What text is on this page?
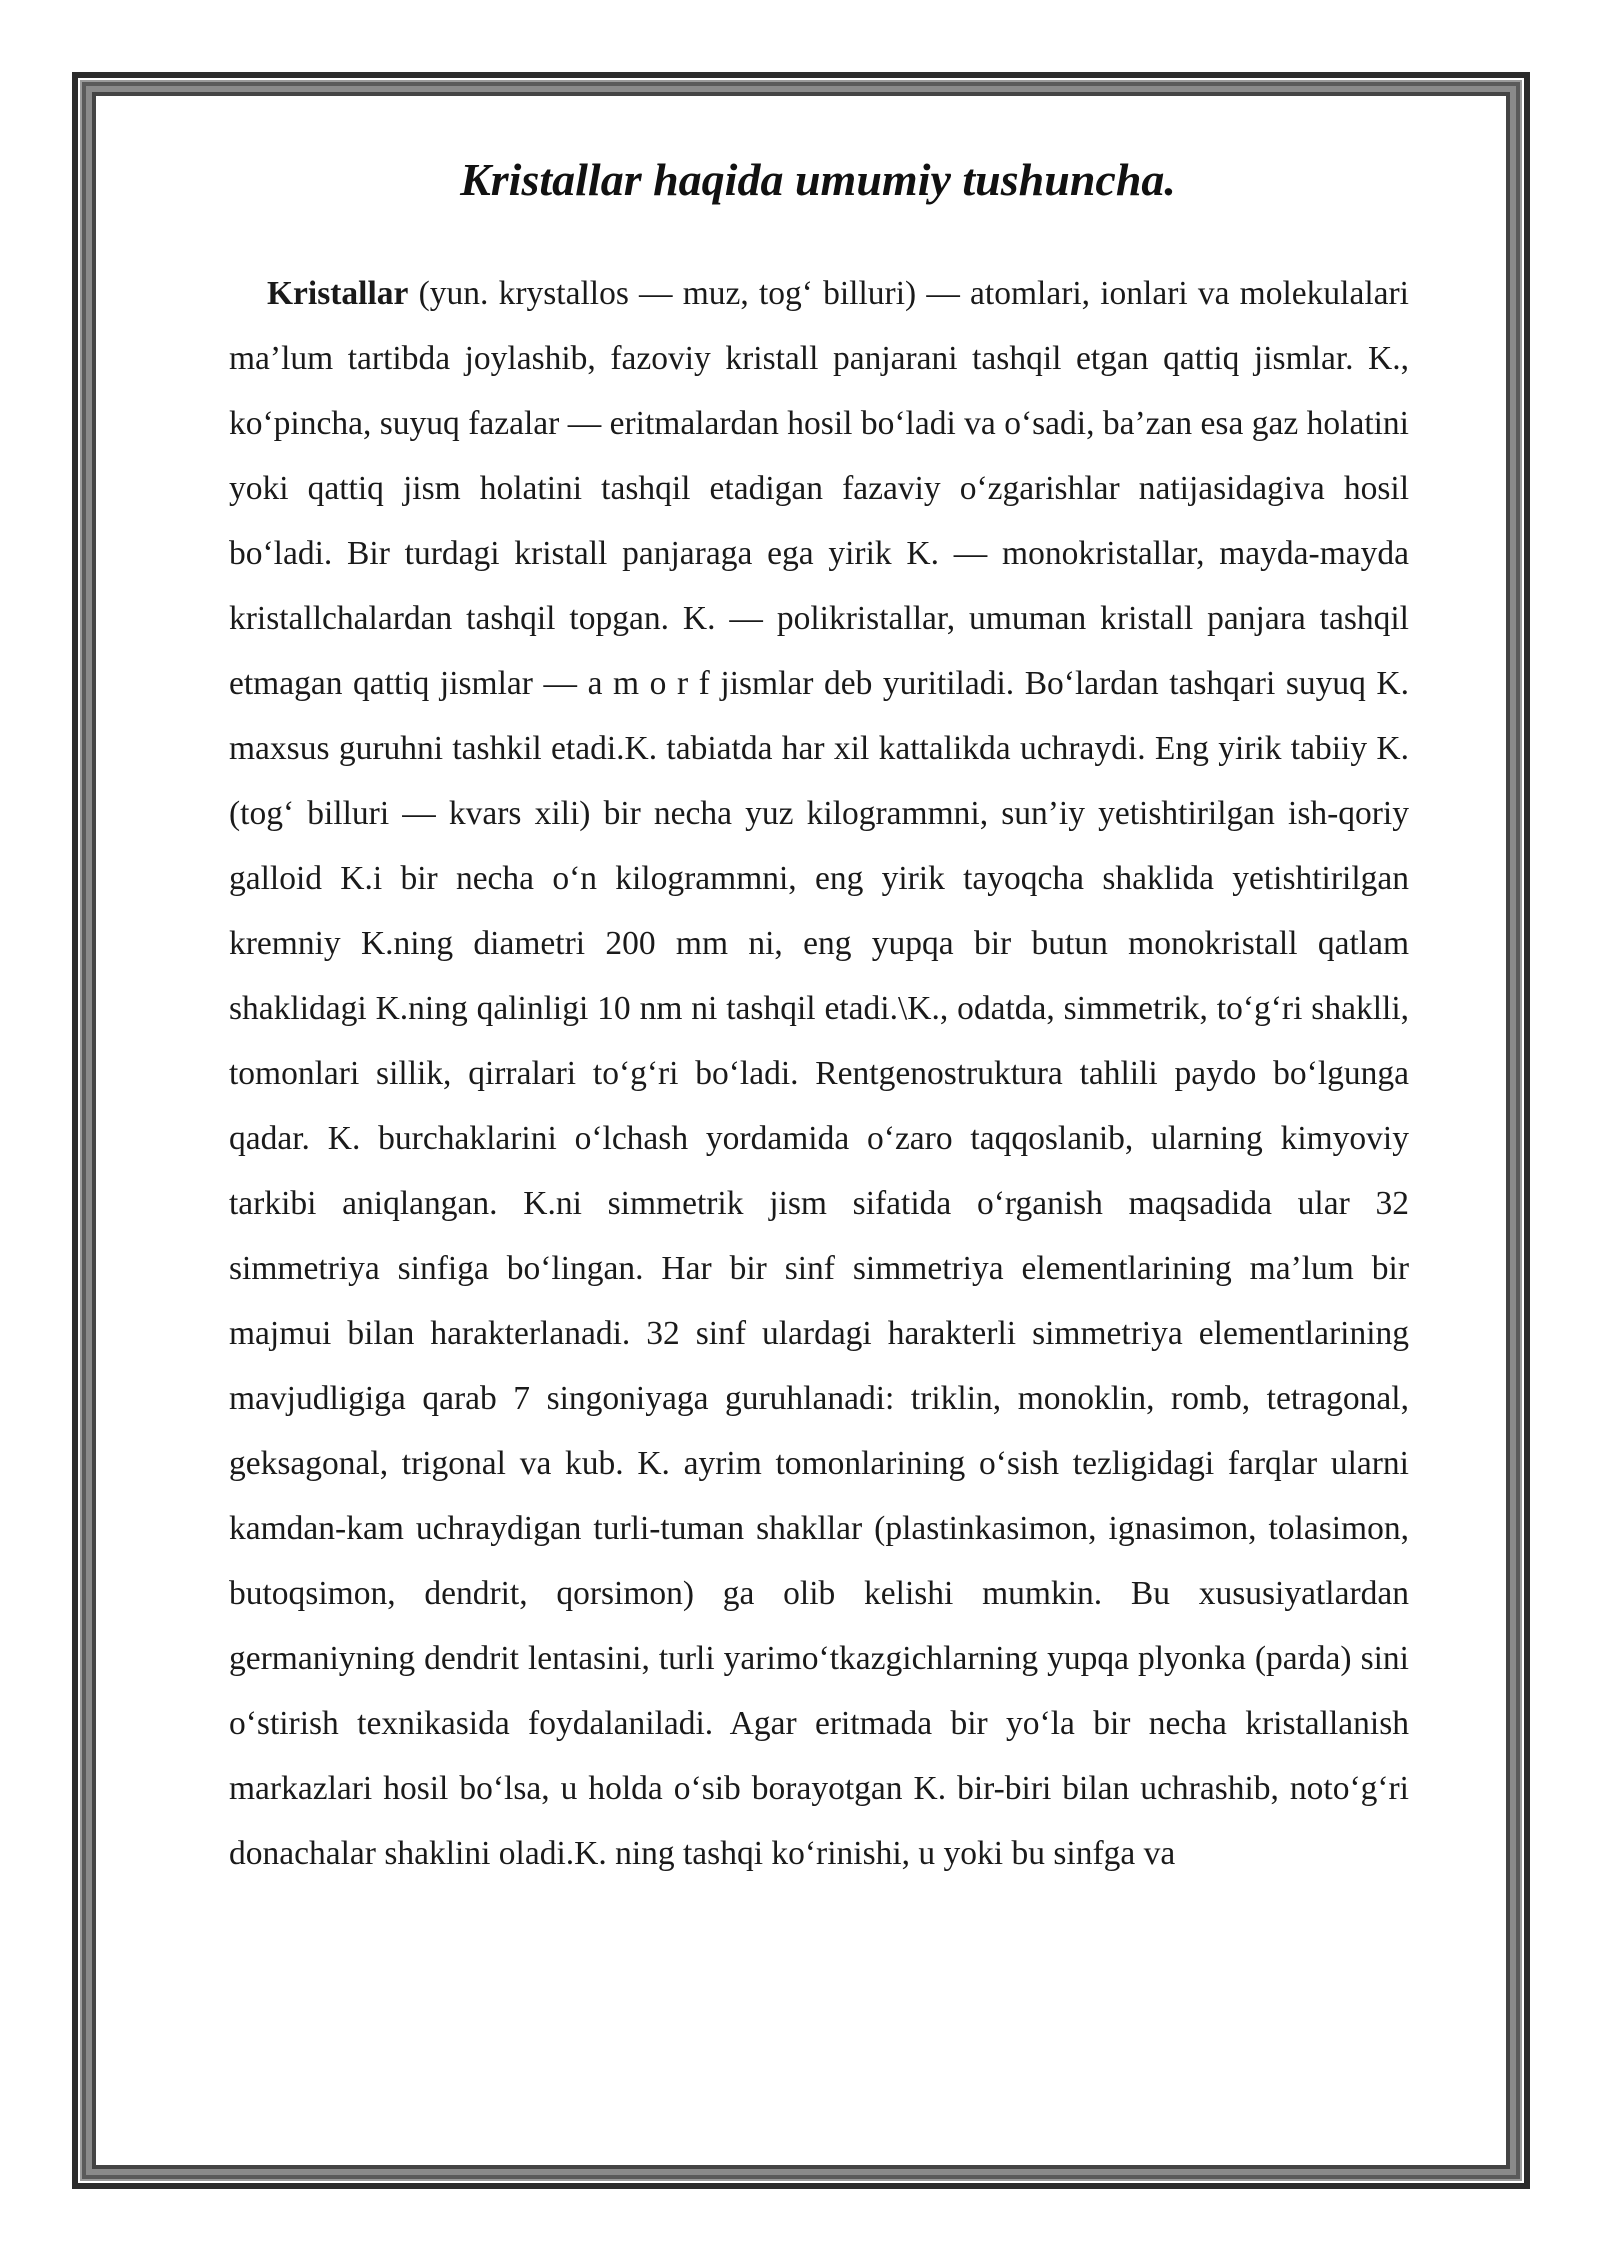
Kristallar haqida umumiy tushuncha.

Kristallar (yun. krystallos — muz, tog‘ billuri) — atomlari, ionlari va molekulalari ma’lum tartibda joylashib, fazoviy kristall panjarani tashqil etgan qattiq jismlar. K., ko‘pincha, suyuq fazalar — eritmalardan hosil bo‘ladi va o‘sadi, ba’zan esa gaz holatini yoki qattiq jism holatini tashqil etadigan fazaviy o‘zgarishlar natijasidagiva hosil bo‘ladi. Bir turdagi kristall panjaraga ega yirik K. — monokristallar, mayda-mayda kristallchalardan tashqil topgan. K. — polikristallar, umuman kristall panjara tashqil etmagan qattiq jismlar — a m o r f jismlar deb yuritiladi. Bo‘lardan tashqari suyuq K. maxsus guruhni tashkil etadi.K. tabiatda har xil kattalikda uchraydi. Eng yirik tabiiy K. (tog‘ billuri — kvars xili) bir necha yuz kilogrammni, sun’iy yetishtirilgan ish-qoriy galloid K.i bir necha o‘n kilogrammni, eng yirik tayoqcha shaklida yetishtirilgan kremniy K.ning diametri 200 mm ni, eng yupqa bir butun monokristall qatlam shaklidagi K.ning qalinligi 10 nm ni tashqil etadi.\K., odatda, simmetrik, to‘g‘ri shaklli, tomonlari sillik, qirralari to‘g‘ri bo‘ladi. Rentgenostruktura tahlili paydo bo‘lgunga qadar. K. burchaklarini o‘lchash yordamida o‘zaro taqqoslanib, ularning kimyoviy tarkibi aniqlangan. K.ni simmetrik jism sifatida o‘rganish maqsadida ular 32 simmetriya sinfiga bo‘lingan. Har bir sinf simmetriya elementlarining ma’lum bir majmui bilan harakterlanadi. 32 sinf ulardagi harakterli simmetriya elementlarining mavjudligiga qarab 7 singoniyaga guruhlanadi: triklin, monoklin, romb, tetragonal, geksagonal, trigonal va kub. K. ayrim tomonlarining o‘sish tezligidagi farqlar ularni kamdan-kam uchraydigan turli-tuman shakllar (plastinkasimon, ignasimon, tolasimon, butoqsimon, dendrit, qorsimon) ga olib kelishi mumkin. Bu xususiyatlardan germaniyning dendrit lentasini, turli yarimo‘tkazgichlarning yupqa plyonka (parda) sini o‘stirish texnikasida foydalaniladi. Agar eritmada bir yo‘la bir necha kristallanish markazlari hosil bo‘lsa, u holda o‘sib borayotgan K. bir-biri bilan uchrashib, noto‘g‘ri donachalar shaklini oladi.K. ning tashqi ko‘rinishi, u yoki bu sinfga va
